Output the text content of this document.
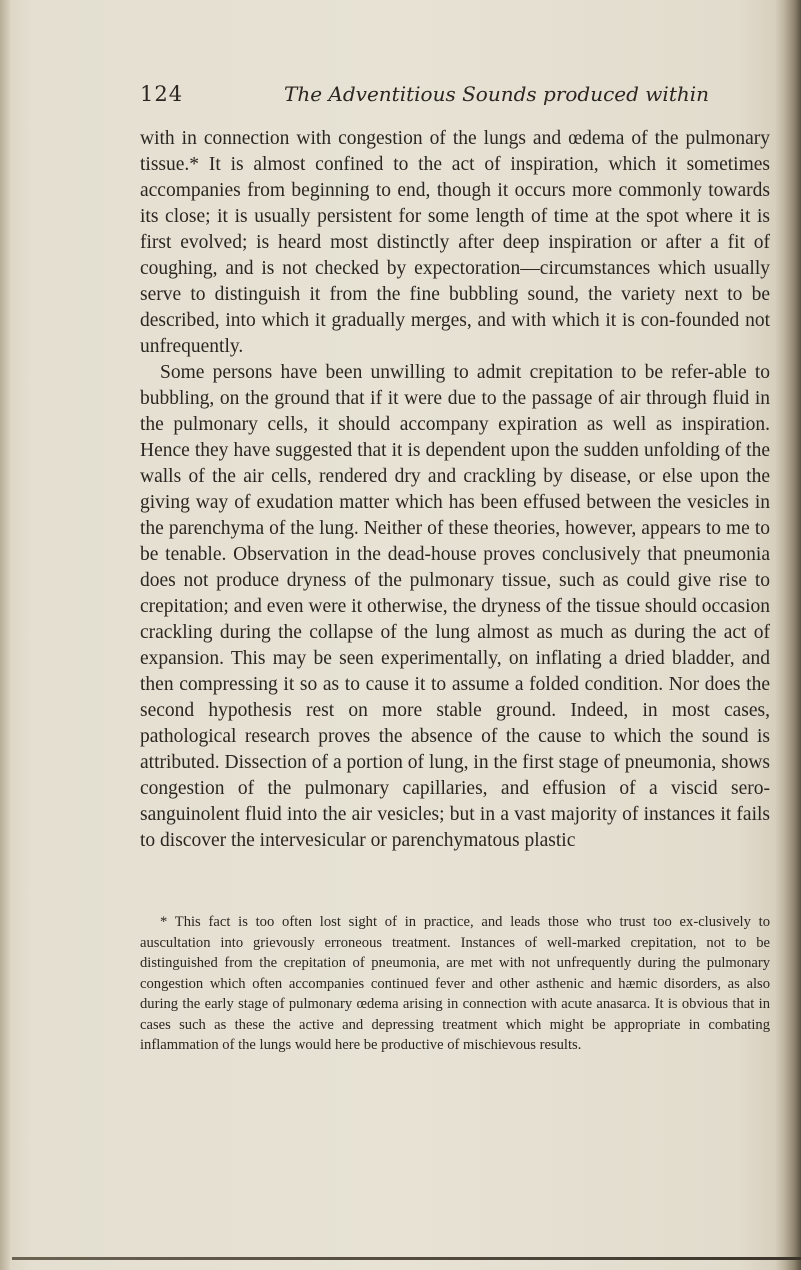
124	The Adventitious Sounds produced within

with in connection with congestion of the lungs and œdema of the pulmonary tissue.* It is almost confined to the act of inspiration, which it sometimes accompanies from beginning to end, though it occurs more commonly towards its close; it is usually persistent for some length of time at the spot where it is first evolved; is heard most distinctly after deep inspiration or after a fit of coughing, and is not checked by expectoration—circumstances which usually serve to distinguish it from the fine bubbling sound, the variety next to be described, into which it gradually merges, and with which it is con-founded not unfrequently.

Some persons have been unwilling to admit crepitation to be refer-able to bubbling, on the ground that if it were due to the passage of air through fluid in the pulmonary cells, it should accompany expiration as well as inspiration. Hence they have suggested that it is dependent upon the sudden unfolding of the walls of the air cells, rendered dry and crackling by disease, or else upon the giving way of exudation matter which has been effused between the vesicles in the parenchyma of the lung. Neither of these theories, however, appears to me to be tenable. Observation in the dead-house proves conclusively that pneumonia does not produce dryness of the pulmonary tissue, such as could give rise to crepitation; and even were it otherwise, the dryness of the tissue should occasion crackling during the collapse of the lung almost as much as during the act of expansion. This may be seen experimentally, on inflating a dried bladder, and then compressing it so as to cause it to assume a folded condition. Nor does the second hypothesis rest on more stable ground. Indeed, in most cases, pathological research proves the absence of the cause to which the sound is attributed. Dissection of a portion of lung, in the first stage of pneumonia, shows congestion of the pulmonary capillaries, and effusion of a viscid sero-sanguinolent fluid into the air vesicles; but in a vast majority of instances it fails to discover the intervesicular or parenchymatous plastic

* This fact is too often lost sight of in practice, and leads those who trust too ex-clusively to auscultation into grievously erroneous treatment. Instances of well-marked crepitation, not to be distinguished from the crepitation of pneumonia, are met with not unfrequently during the pulmonary congestion which often accompanies continued fever and other asthenic and hæmic disorders, as also during the early stage of pulmonary œdema arising in connection with acute anasarca. It is obvious that in cases such as these the active and depressing treatment which might be appropriate in combating inflammation of the lungs would here be productive of mischievous results.
